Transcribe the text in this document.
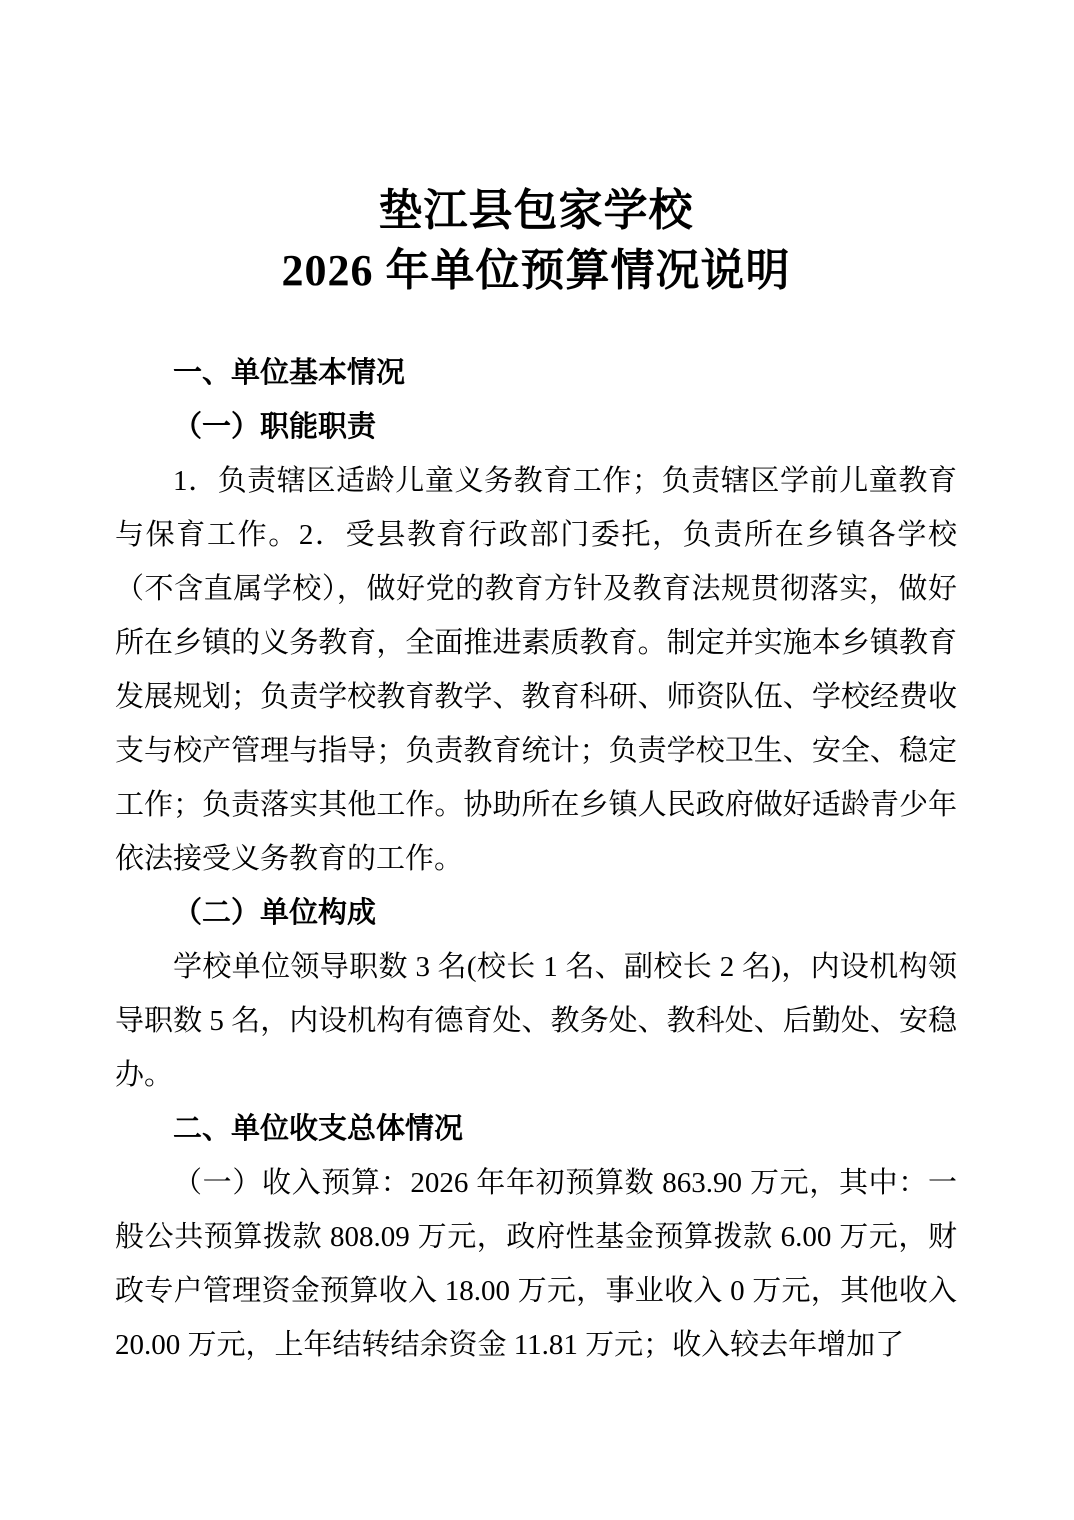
垫江县包家学校
2026 年单位预算情况说明
一、单位基本情况
（一）职能职责

1．负责辖区适龄儿童义务教育工作；负责辖区学前儿童教育与保育工作。2．受县教育行政部门委托，负责所在乡镇各学校（不含直属学校），做好党的教育方针及教育法规贯彻落实，做好所在乡镇的义务教育，全面推进素质教育。制定并实施本乡镇教育发展规划；负责学校教育教学、教育科研、师资队伍、学校经费收支与校产管理与指导；负责教育统计；负责学校卫生、安全、稳定工作；负责落实其他工作。协助所在乡镇人民政府做好适龄青少年依法接受义务教育的工作。

（二）单位构成

学校单位领导职数 3 名(校长 1 名、副校长 2 名)，内设机构领导职数 5 名，内设机构有德育处、教务处、教科处、后勤处、安稳办。

二、单位收支总体情况

（一）收入预算：2026 年年初预算数 863.90 万元，其中：一般公共预算拨款 808.09 万元，政府性基金预算拨款 6.00 万元，财政专户管理资金预算收入 18.00 万元，事业收入 0 万元，其他收入 20.00 万元，上年结转结余资金 11.81 万元；收入较去年增加了
